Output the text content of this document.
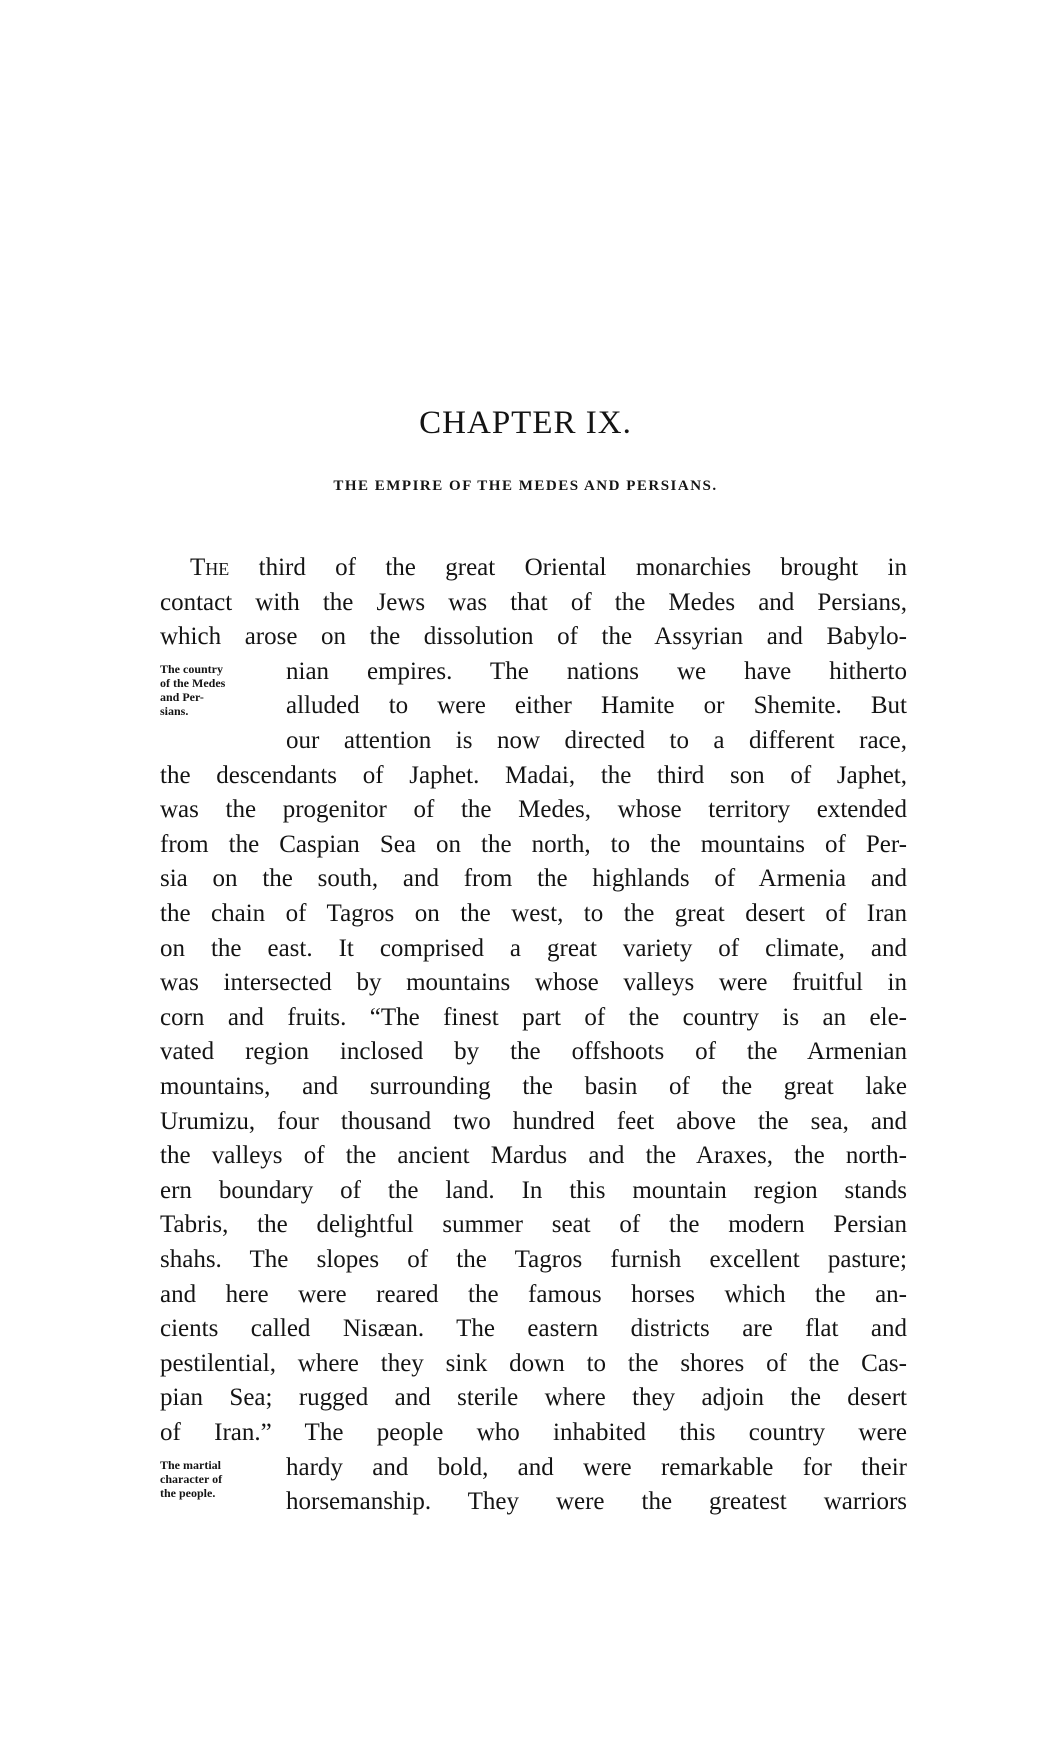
CHAPTER IX.
THE EMPIRE OF THE MEDES AND PERSIANS.
The country
of the Medes
and Per-
sians.
The martial
character of
the people.

The third of the great Oriental monarchies brought in

contact with the Jews was that of the Medes and Persians,

which arose on the dissolution of the Assyrian and Babylo-

nian empires. The nations we have hitherto

alluded to were either Hamite or Shemite. But

our attention is now directed to a different race,

the descendants of Japhet. Madai, the third son of Japhet,

was the progenitor of the Medes, whose territory extended

from the Caspian Sea on the north, to the mountains of Per-

sia on the south, and from the highlands of Armenia and

the chain of Tagros on the west, to the great desert of Iran

on the east. It comprised a great variety of climate, and

was intersected by mountains whose valleys were fruitful in

corn and fruits. “The finest part of the country is an ele-

vated region inclosed by the offshoots of the Armenian

mountains, and surrounding the basin of the great lake

Urumizu, four thousand two hundred feet above the sea, and

the valleys of the ancient Mardus and the Araxes, the north-

ern boundary of the land. In this mountain region stands

Tabris, the delightful summer seat of the modern Persian

shahs. The slopes of the Tagros furnish excellent pasture;

and here were reared the famous horses which the an-

cients called Nisæan. The eastern districts are flat and

pestilential, where they sink down to the shores of the Cas-

pian Sea; rugged and sterile where they adjoin the desert

of Iran.” The people who inhabited this country were

hardy and bold, and were remarkable for their

horsemanship. They were the greatest warriors
